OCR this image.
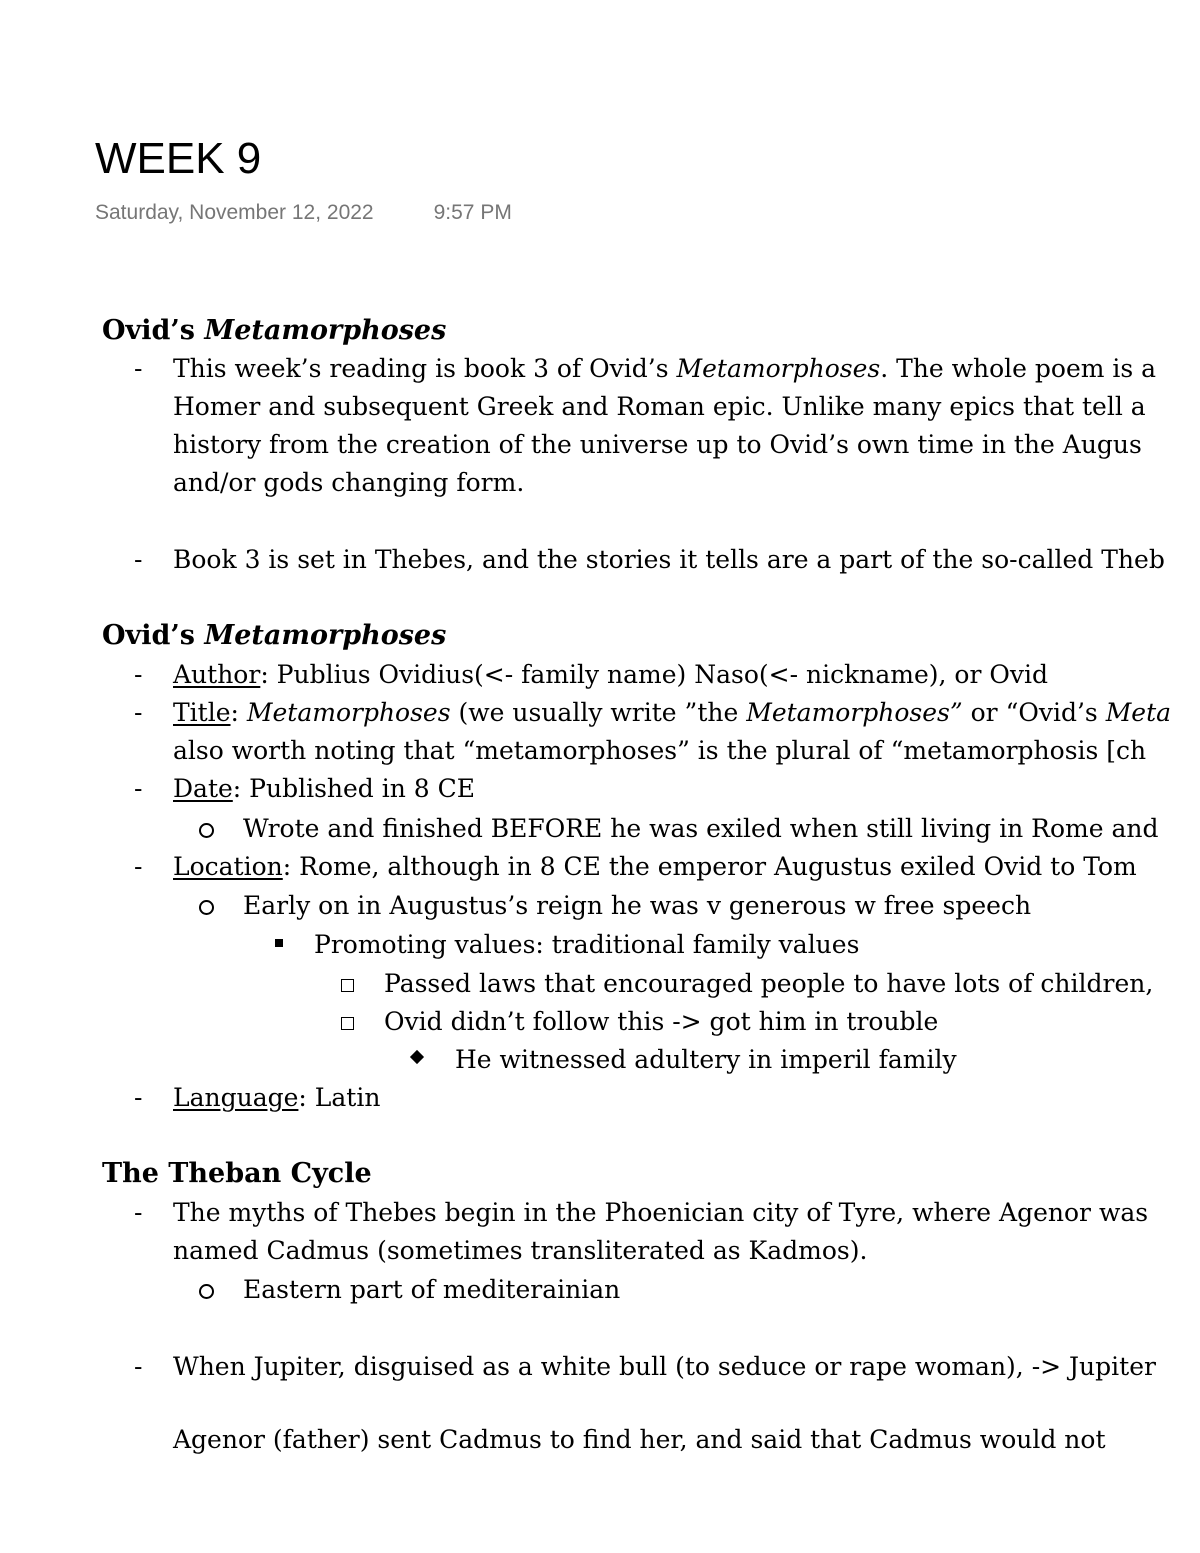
WEEK 9
Saturday, November 12, 2022	9:57 PM
Ovid’s Metamorphoses
- This week’s reading is book 3 of Ovid’s Metamorphoses. The whole poem is a
Homer and subsequent Greek and Roman epic. Unlike many epics that tell a
history from the creation of the universe up to Ovid’s own time in the Augus
and/or gods changing form.
- Book 3 is set in Thebes, and the stories it tells are a part of the so-called Theb
Ovid’s Metamorphoses
- Author: Publius Ovidius(<- family name) Naso(<- nickname), or Ovid
- Title: Metamorphoses (we usually write ”the Metamorphoses” or “Ovid’s Meta
also worth noting that “metamorphoses” is the plural of “metamorphosis [ch
- Date: Published in 8 CE
Wrote and finished BEFORE he was exiled when still living in Rome and
- Location: Rome, although in 8 CE the emperor Augustus exiled Ovid to Tom
Early on in Augustus’s reign he was v generous w free speech
Promoting values: traditional family values
Passed laws that encouraged people to have lots of children,
Ovid didn’t follow this -> got him in trouble
He witnessed adultery in imperil family
- Language: Latin
The Theban Cycle
- The myths of Thebes begin in the Phoenician city of Tyre, where Agenor was
named Cadmus (sometimes transliterated as Kadmos).
Eastern part of mediterainian
- When Jupiter, disguised as a white bull (to seduce or rape woman), -> Jupiter
Agenor (father) sent Cadmus to find her, and said that Cadmus would not
